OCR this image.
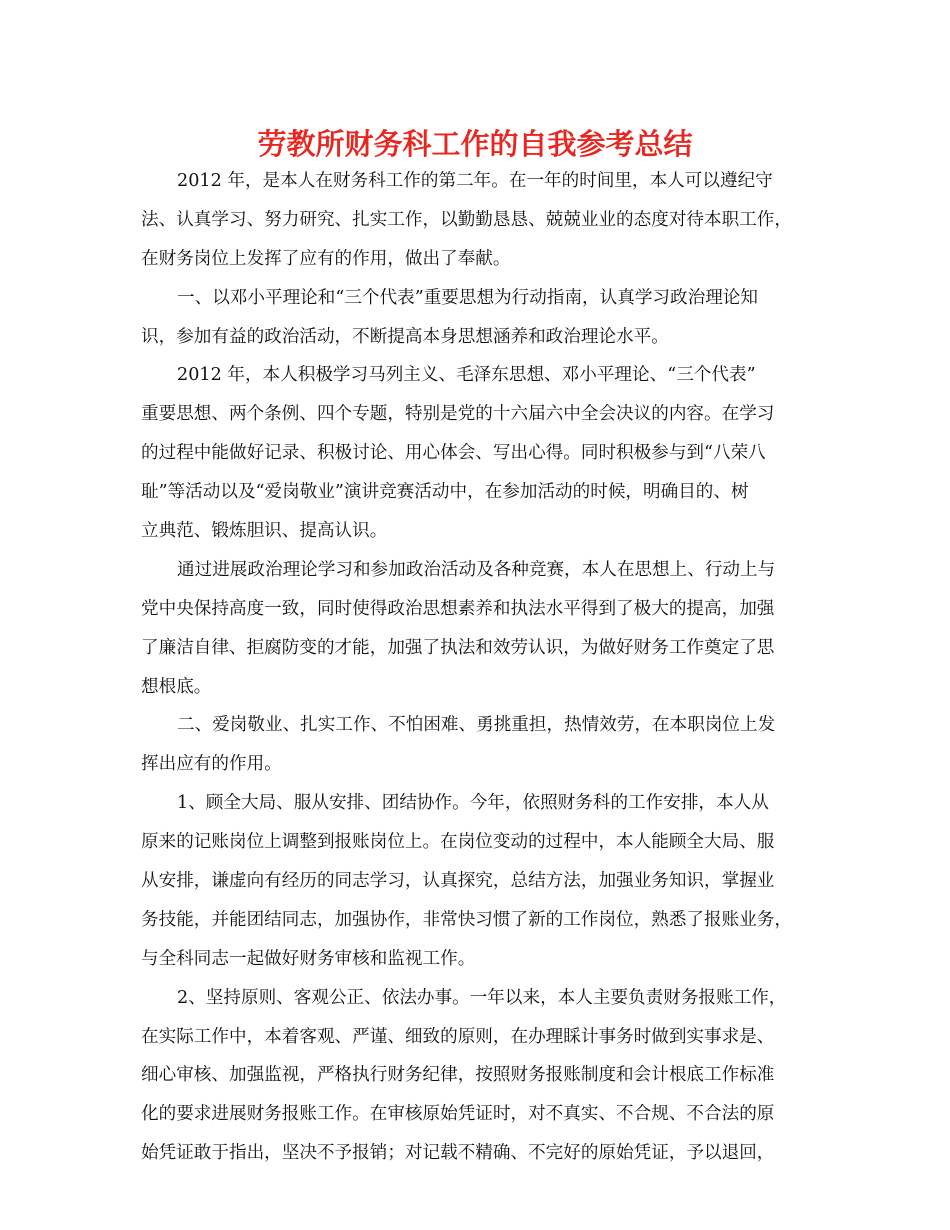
劳教所财务科工作的自我参考总结
2012 年，是本人在财务科工作的第二年。在一年的时间里，本人可以遵纪守
法、认真学习、努力研究、扎实工作，以勤勤恳恳、兢兢业业的态度对待本职工作，
在财务岗位上发挥了应有的作用，做出了奉献。
一、以邓小平理论和“三个代表”重要思想为行动指南，认真学习政治理论知
识，参加有益的政治活动，不断提高本身思想涵养和政治理论水平。
2012 年，本人积极学习马列主义、毛泽东思想、邓小平理论、“三个代表”
重要思想、两个条例、四个专题，特别是党的十六届六中全会决议的内容。在学习
的过程中能做好记录、积极讨论、用心体会、写出心得。同时积极参与到“八荣八
耻”等活动以及“爱岗敬业”演讲竞赛活动中，在参加活动的时候，明确目的、树
立典范、锻炼胆识、提高认识。
通过进展政治理论学习和参加政治活动及各种竞赛，本人在思想上、行动上与
党中央保持高度一致，同时使得政治思想素养和执法水平得到了极大的提高，加强
了廉洁自律、拒腐防变的才能，加强了执法和效劳认识，为做好财务工作奠定了思
想根底。
二、爱岗敬业、扎实工作、不怕困难、勇挑重担，热情效劳，在本职岗位上发
挥出应有的作用。
1、顾全大局、服从安排、团结协作。今年，依照财务科的工作安排，本人从
原来的记账岗位上调整到报账岗位上。在岗位变动的过程中，本人能顾全大局、服
从安排，谦虚向有经历的同志学习，认真探究，总结方法，加强业务知识，掌握业
务技能，并能团结同志，加强协作，非常快习惯了新的工作岗位，熟悉了报账业务，
与全科同志一起做好财务审核和监视工作。
2、坚持原则、客观公正、依法办事。一年以来，本人主要负责财务报账工作，
在实际工作中，本着客观、严谨、细致的原则，在办理睬计事务时做到实事求是、
细心审核、加强监视，严格执行财务纪律，按照财务报账制度和会计根底工作标准
化的要求进展财务报账工作。在审核原始凭证时，对不真实、不合规、不合法的原
始凭证敢于指出，坚决不予报销；对记载不精确、不完好的原始凭证，予以退回，
